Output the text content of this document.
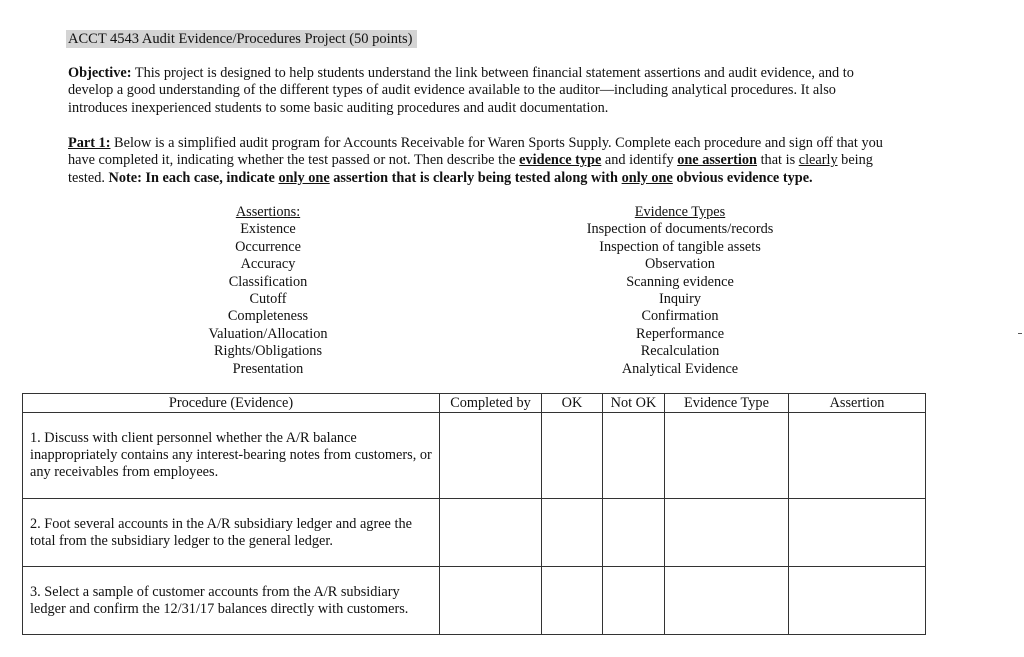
ACCT 4543 Audit Evidence/Procedures Project (50 points)
Objective: This project is designed to help students understand the link between financial statement assertions and audit evidence, and to develop a good understanding of the different types of audit evidence available to the auditor—including analytical procedures. It also introduces inexperienced students to some basic auditing procedures and audit documentation.
Part 1: Below is a simplified audit program for Accounts Receivable for Waren Sports Supply. Complete each procedure and sign off that you have completed it, indicating whether the test passed or not. Then describe the evidence type and identify one assertion that is clearly being tested. Note: In each case, indicate only one assertion that is clearly being tested along with only one obvious evidence type.
Assertions:
Existence
Occurrence
Accuracy
Classification
Cutoff
Completeness
Valuation/Allocation
Rights/Obligations
Presentation
Evidence Types
Inspection of documents/records
Inspection of tangible assets
Observation
Scanning evidence
Inquiry
Confirmation
Reperformance
Recalculation
Analytical Evidence
Procedure (Evidence)	Completed by	OK	Not OK	Evidence Type	Assertion

1. Discuss with client personnel whether the A/R balance inappropriately contains any interest-bearing notes from customers, or any receivables from employees.					

2. Foot several accounts in the A/R subsidiary ledger and agree the total from the subsidiary ledger to the general ledger.					

3. Select a sample of customer accounts from the A/R subsidiary ledger and confirm the 12/31/17 balances directly with customers.					
